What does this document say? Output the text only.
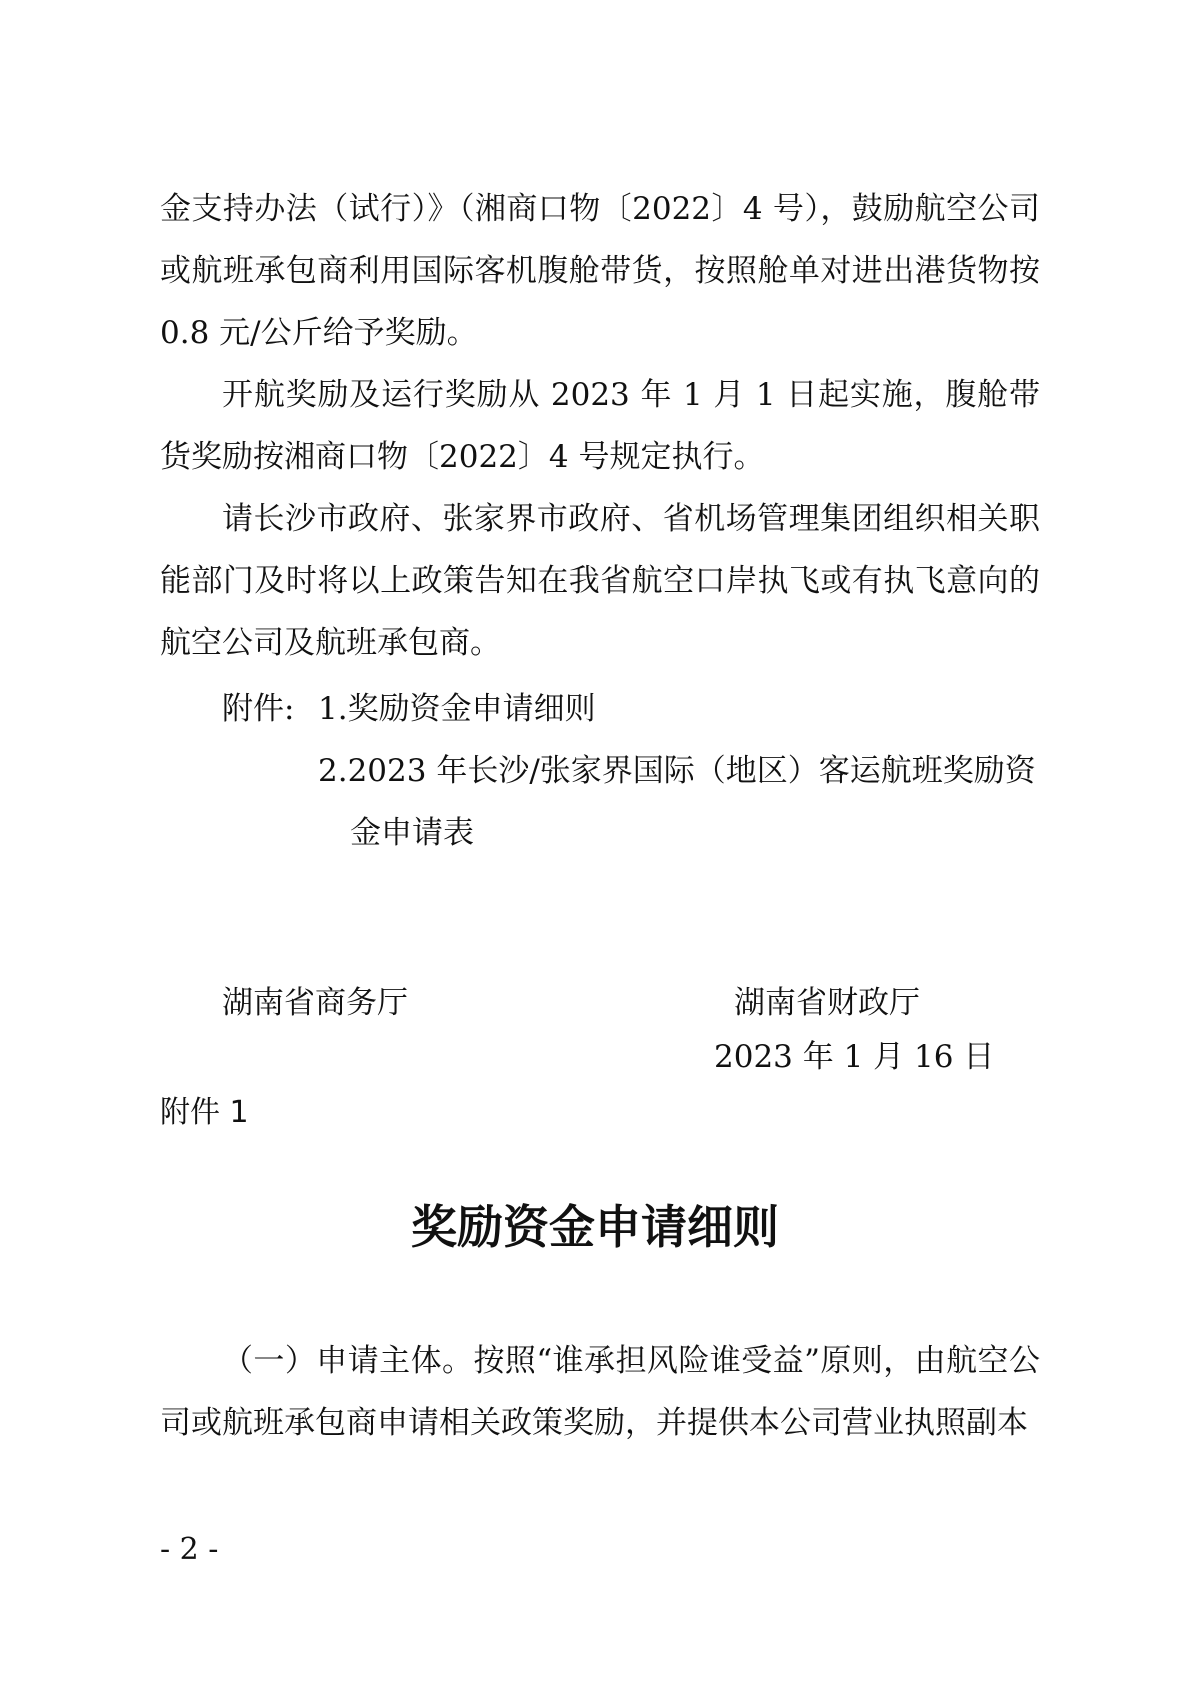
金支持办法（试行）》（湘商口物〔2022〕4 号），鼓励航空公司或航班承包商利用国际客机腹舱带货，按照舱单对进出港货物按 0.8 元/公斤给予奖励。

开航奖励及运行奖励从 2023 年 1 月 1 日起实施，腹舱带货奖励按湘商口物〔2022〕4 号规定执行。

请长沙市政府、张家界市政府、省机场管理集团组织相关职能部门及时将以上政策告知在我省航空口岸执飞或有执飞意向的航空公司及航班承包商。

附件: 1.奖励资金申请细则
2.2023 年长沙/张家界国际（地区）客运航班奖励资
金申请表
湖南省商务厅	湖南省财政厅
2023 年 1 月 16 日
附件 1
奖励资金申请细则

（一）申请主体。按照“谁承担风险谁受益”原则，由航空公司或航班承包商申请相关政策奖励，并提供本公司营业执照副本

- 2 -
